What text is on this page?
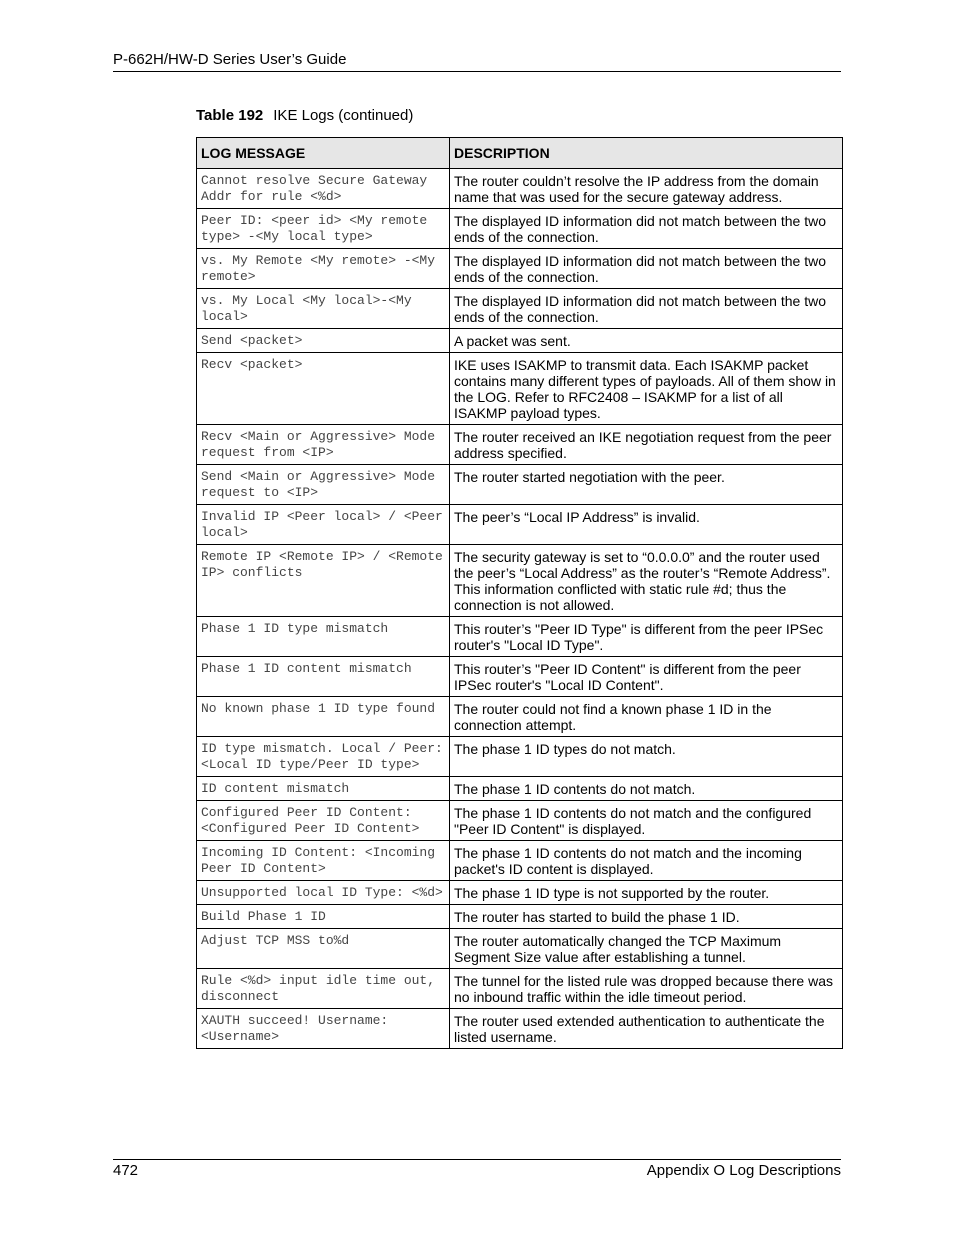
P-662H/HW-D Series User’s Guide
Table 192 IKE Logs (continued)
LOG MESSAGE	DESCRIPTION
Cannot resolve Secure Gateway Addr for rule <%d>	The router couldn’t resolve the IP address from the domain name that was used for the secure gateway address.
Peer ID: <peer id> <My remote type> -<My local type>	The displayed ID information did not match between the two ends of the connection.
vs. My Remote <My remote> -<My remote>	The displayed ID information did not match between the two ends of the connection.
vs. My Local <My local>-<My local>	The displayed ID information did not match between the two ends of the connection.
Send <packet>	A packet was sent.
Recv <packet>	IKE uses ISAKMP to transmit data. Each ISAKMP packet contains many different types of payloads. All of them show in the LOG. Refer to RFC2408 – ISAKMP for a list of all ISAKMP payload types.
Recv <Main or Aggressive> Mode request from <IP>	The router received an IKE negotiation request from the peer address specified.
Send <Main or Aggressive> Mode request to <IP>	The router started negotiation with the peer.
Invalid IP <Peer local> / <Peer local>	The peer’s “Local IP Address” is invalid.
Remote IP <Remote IP> / <Remote IP> conflicts	The security gateway is set to “0.0.0.0” and the router used the peer’s “Local Address” as the router’s “Remote Address”. This information conflicted with static rule #d; thus the connection is not allowed.
Phase 1 ID type mismatch	This router’s "Peer ID Type" is different from the peer IPSec router's "Local ID Type".
Phase 1 ID content mismatch	This router’s "Peer ID Content" is different from the peer IPSec router's "Local ID Content".
No known phase 1 ID type found	The router could not find a known phase 1 ID in the connection attempt.
ID type mismatch. Local / Peer: <Local ID type/Peer ID type>	The phase 1 ID types do not match.
ID content mismatch	The phase 1 ID contents do not match.
Configured Peer ID Content: <Configured Peer ID Content>	The phase 1 ID contents do not match and the configured "Peer ID Content" is displayed.
Incoming ID Content: <Incoming Peer ID Content>	The phase 1 ID contents do not match and the incoming packet's ID content is displayed.
Unsupported local ID Type: <%d>	The phase 1 ID type is not supported by the router.
Build Phase 1 ID	The router has started to build the phase 1 ID.
Adjust TCP MSS to%d	The router automatically changed the TCP Maximum Segment Size value after establishing a tunnel.
Rule <%d> input idle time out, disconnect	The tunnel for the listed rule was dropped because there was no inbound traffic within the idle timeout period.
XAUTH succeed! Username: <Username>	The router used extended authentication to authenticate the listed username.
472	Appendix O Log Descriptions
